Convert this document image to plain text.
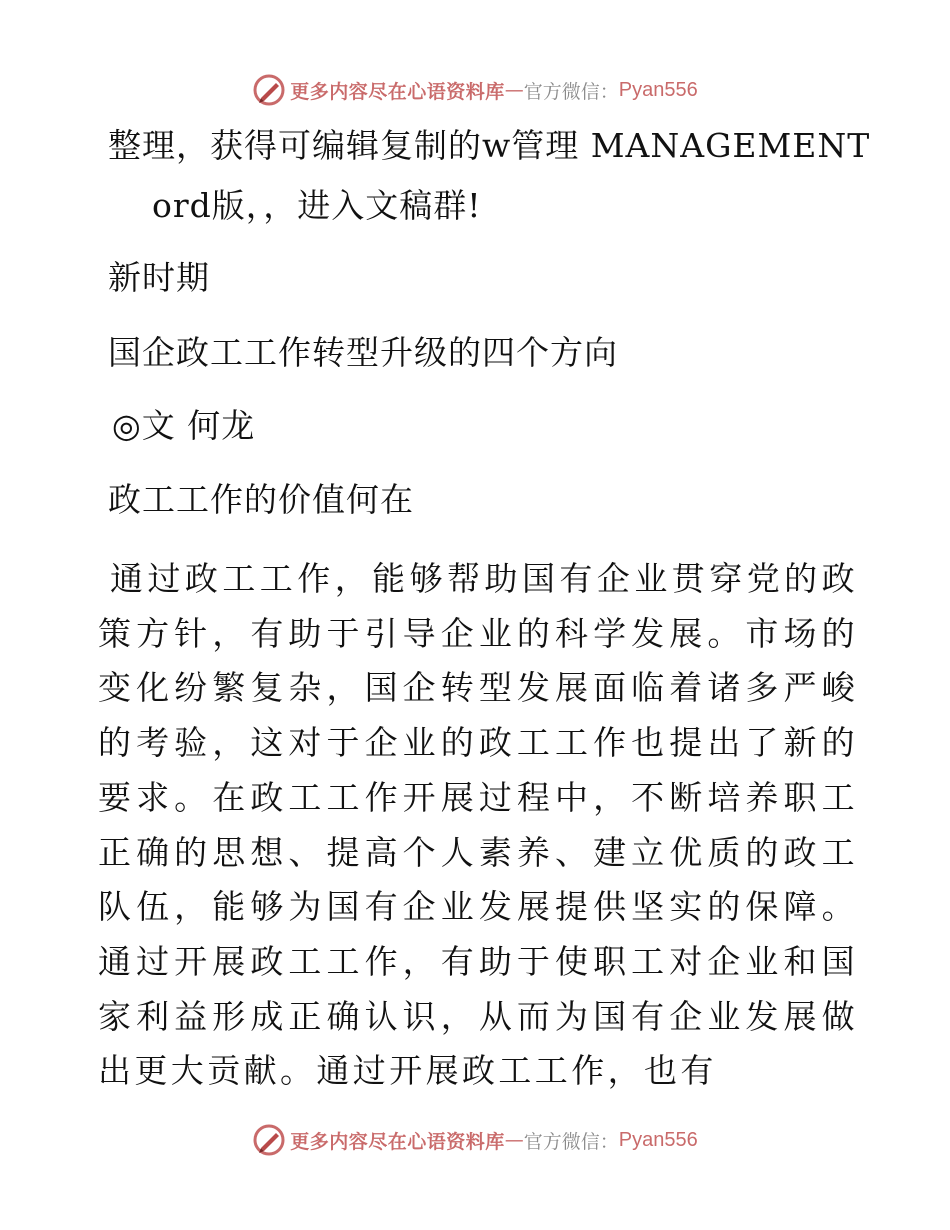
更多内容尽在心语资料库 — 官方微信： Pyan556
整理，获得可编辑复制的w管理 MANAGEMENT
ord版，，进入文稿群!
新时期
国企政工工作转型升级的四个方向
◎文 何龙
政工工作的价值何在
通过政工工作，能够帮助国有企业贯穿党的政策方针，有助于引导企业的科学发展。市场的变化纷繁复杂，国企转型发展面临着诸多严峻的考验，这对于企业的政工工作也提出了新的要求。在政工工作开展过程中，不断培养职工正确的思想、提高个人素养、建立优质的政工队伍，能够为国有企业发展提供坚实的保障。通过开展政工工作，有助于使职工对企业和国家利益形成正确认识，从而为国有企业发展做出更大贡献。通过开展政工工作，也有
更多内容尽在心语资料库 — 官方微信： Pyan556
